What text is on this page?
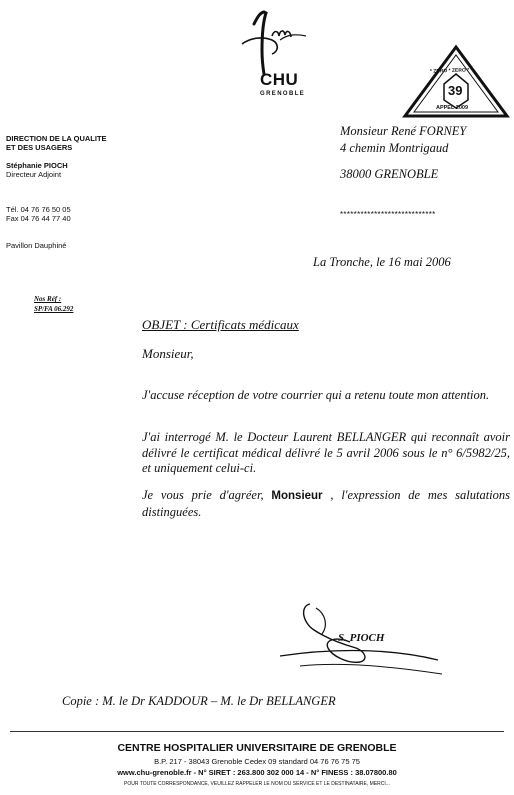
CHU
GRENOBLE	39
* ZERO * ZERO *
APPEL 2009
DIRECTION DE LA QUALITE
ET DES USAGERS
Stéphanie PIOCH
Directeur Adjoint
Tél. 04 76 76 50 05
Fax 04 76 44 77 40
Pavillon Dauphiné
Monsieur René FORNEY
4 chemin Montrigaud
38000 GRENOBLE
****************************
La Tronche, le 16 mai 2006
Nos Réf :
SP/FA 06.292
OBJET : Certificats médicaux
Monsieur,
J'accuse réception de votre courrier qui a retenu toute mon attention.
J'ai interrogé M. le Docteur Laurent BELLANGER qui reconnaît avoir délivré le certificat médical délivré le 5 avril 2006 sous le n° 6/5982/25, et uniquement celui-ci.
Je vous prie d'agréer, Monsieur , l'expression de mes salutations distinguées.
S. PIOCH
Copie : M. le Dr KADDOUR – M. le Dr BELLANGER
CENTRE HOSPITALIER UNIVERSITAIRE DE GRENOBLE
B.P. 217 - 38043 Grenoble Cedex 09 standard 04 76 76 75 75
www.chu-grenoble.fr - N° SIRET : 263.800 302 000 14 - N° FINESS : 38.07800.80
POUR TOUTE CORRESPONDANCE, VEUILLEZ RAPPELER LE NOM DU SERVICE ET LE DESTINATAIRE, MERCI...
